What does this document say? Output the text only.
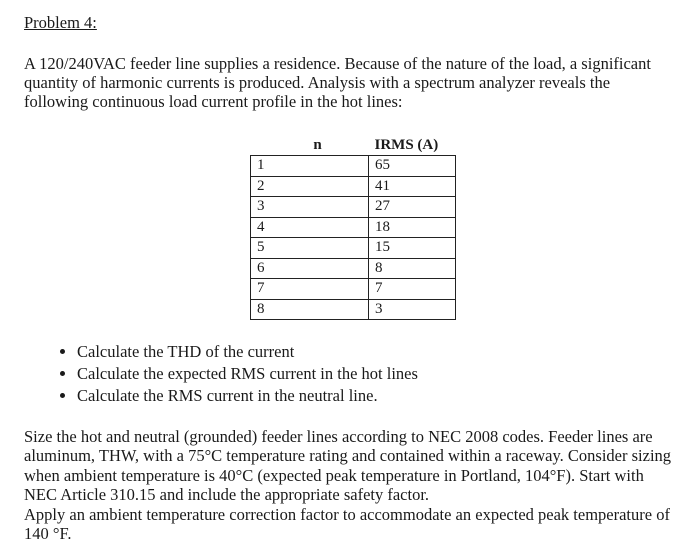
Problem 4:

A 120/240VAC feeder line supplies a residence. Because of the nature of the load, a significant quantity of harmonic currents is produced. Analysis with a spectrum analyzer reveals the following continuous load current profile in the hot lines:

n	IRMS (A)
1	65
2	41
3	27
4	18
5	15
6	8
7	7
8	3
• Calculate the THD of the current
• Calculate the expected RMS current in the hot lines
• Calculate the RMS current in the neutral line.

Size the hot and neutral (grounded) feeder lines according to NEC 2008 codes. Feeder lines are aluminum, THW, with a 75°C temperature rating and contained within a raceway. Consider sizing when ambient temperature is 40°C (expected peak temperature in Portland, 104°F). Start with NEC Article 310.15 and include the appropriate safety factor.
Apply an ambient temperature correction factor to accommodate an expected peak temperature of 140 °F.
